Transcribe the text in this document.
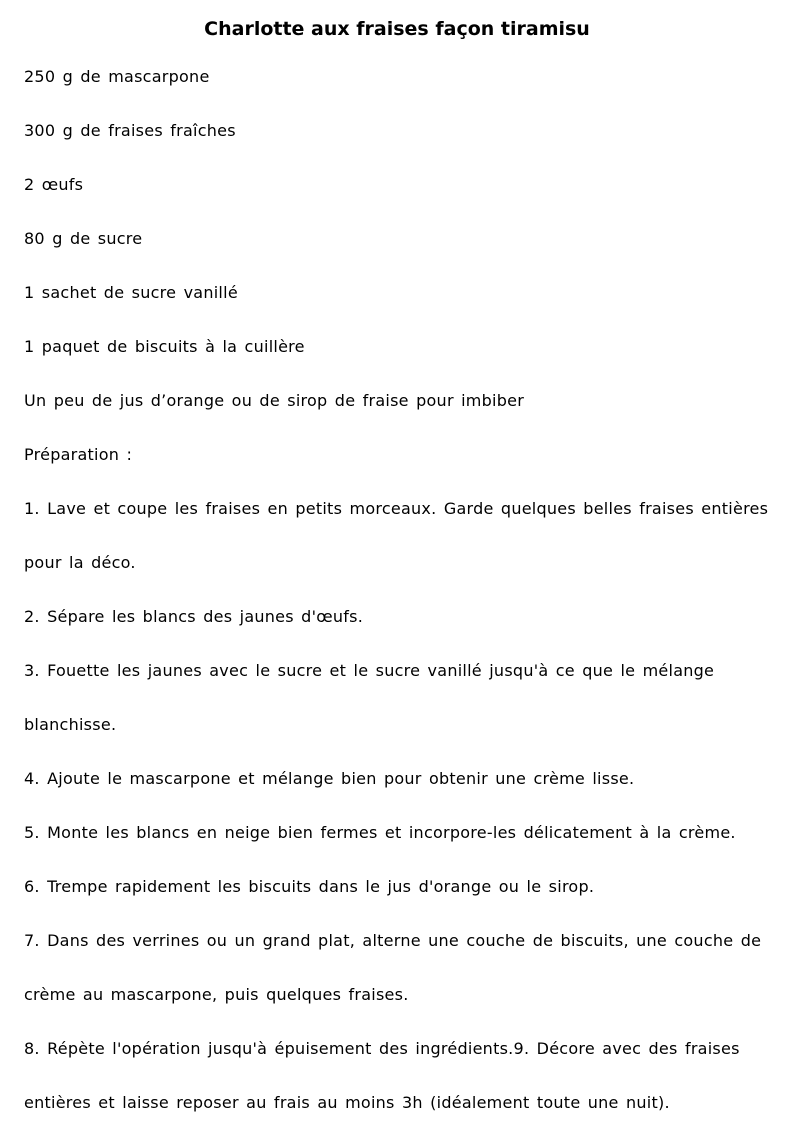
Charlotte aux fraises façon tiramisu
250 g de mascarpone
300 g de fraises fraîches
2 œufs
80 g de sucre
1 sachet de sucre vanillé
1 paquet de biscuits à la cuillère
Un peu de jus d’orange ou de sirop de fraise pour imbiber
Préparation :
1. Lave et coupe les fraises en petits morceaux. Garde quelques belles fraises entières pour la déco.
2. Sépare les blancs des jaunes d'œufs.
3. Fouette les jaunes avec le sucre et le sucre vanillé jusqu'à ce que le mélange blanchisse.
4. Ajoute le mascarpone et mélange bien pour obtenir une crème lisse.
5. Monte les blancs en neige bien fermes et incorpore-les délicatement à la crème.
6. Trempe rapidement les biscuits dans le jus d'orange ou le sirop.
7. Dans des verrines ou un grand plat, alterne une couche de biscuits, une couche de crème au mascarpone, puis quelques fraises.
8. Répète l'opération jusqu'à épuisement des ingrédients.9. Décore avec des fraises entières et laisse reposer au frais au moins 3h (idéalement toute une nuit).
